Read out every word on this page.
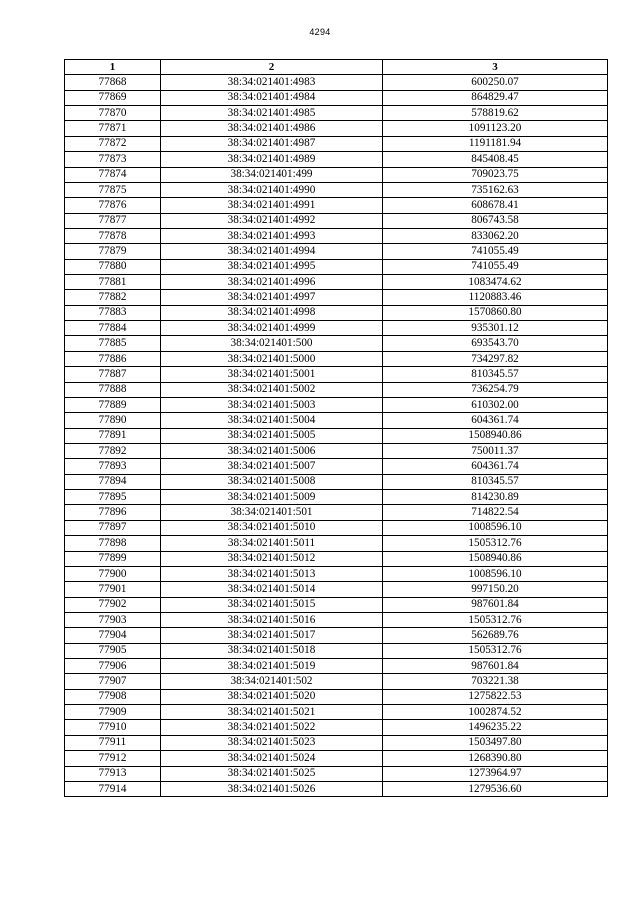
4294
1	2	3
77868	38:34:021401:4983	600250.07
77869	38:34:021401:4984	864829.47
77870	38:34:021401:4985	578819.62
77871	38:34:021401:4986	1091123.20
77872	38:34:021401:4987	1191181.94
77873	38:34:021401:4989	845408.45
77874	38:34:021401:499	709023.75
77875	38:34:021401:4990	735162.63
77876	38:34:021401:4991	608678.41
77877	38:34:021401:4992	806743.58
77878	38:34:021401:4993	833062.20
77879	38:34:021401:4994	741055.49
77880	38:34:021401:4995	741055.49
77881	38:34:021401:4996	1083474.62
77882	38:34:021401:4997	1120883.46
77883	38:34:021401:4998	1570860.80
77884	38:34:021401:4999	935301.12
77885	38:34:021401:500	693543.70
77886	38:34:021401:5000	734297.82
77887	38:34:021401:5001	810345.57
77888	38:34:021401:5002	736254.79
77889	38:34:021401:5003	610302.00
77890	38:34:021401:5004	604361.74
77891	38:34:021401:5005	1508940.86
77892	38:34:021401:5006	750011.37
77893	38:34:021401:5007	604361.74
77894	38:34:021401:5008	810345.57
77895	38:34:021401:5009	814230.89
77896	38:34:021401:501	714822.54
77897	38:34:021401:5010	1008596.10
77898	38:34:021401:5011	1505312.76
77899	38:34:021401:5012	1508940.86
77900	38:34:021401:5013	1008596.10
77901	38:34:021401:5014	997150.20
77902	38:34:021401:5015	987601.84
77903	38:34:021401:5016	1505312.76
77904	38:34:021401:5017	562689.76
77905	38:34:021401:5018	1505312.76
77906	38:34:021401:5019	987601.84
77907	38:34:021401:502	703221.38
77908	38:34:021401:5020	1275822.53
77909	38:34:021401:5021	1002874.52
77910	38:34:021401:5022	1496235.22
77911	38:34:021401:5023	1503497.80
77912	38:34:021401:5024	1268390.80
77913	38:34:021401:5025	1273964.97
77914	38:34:021401:5026	1279536.60
